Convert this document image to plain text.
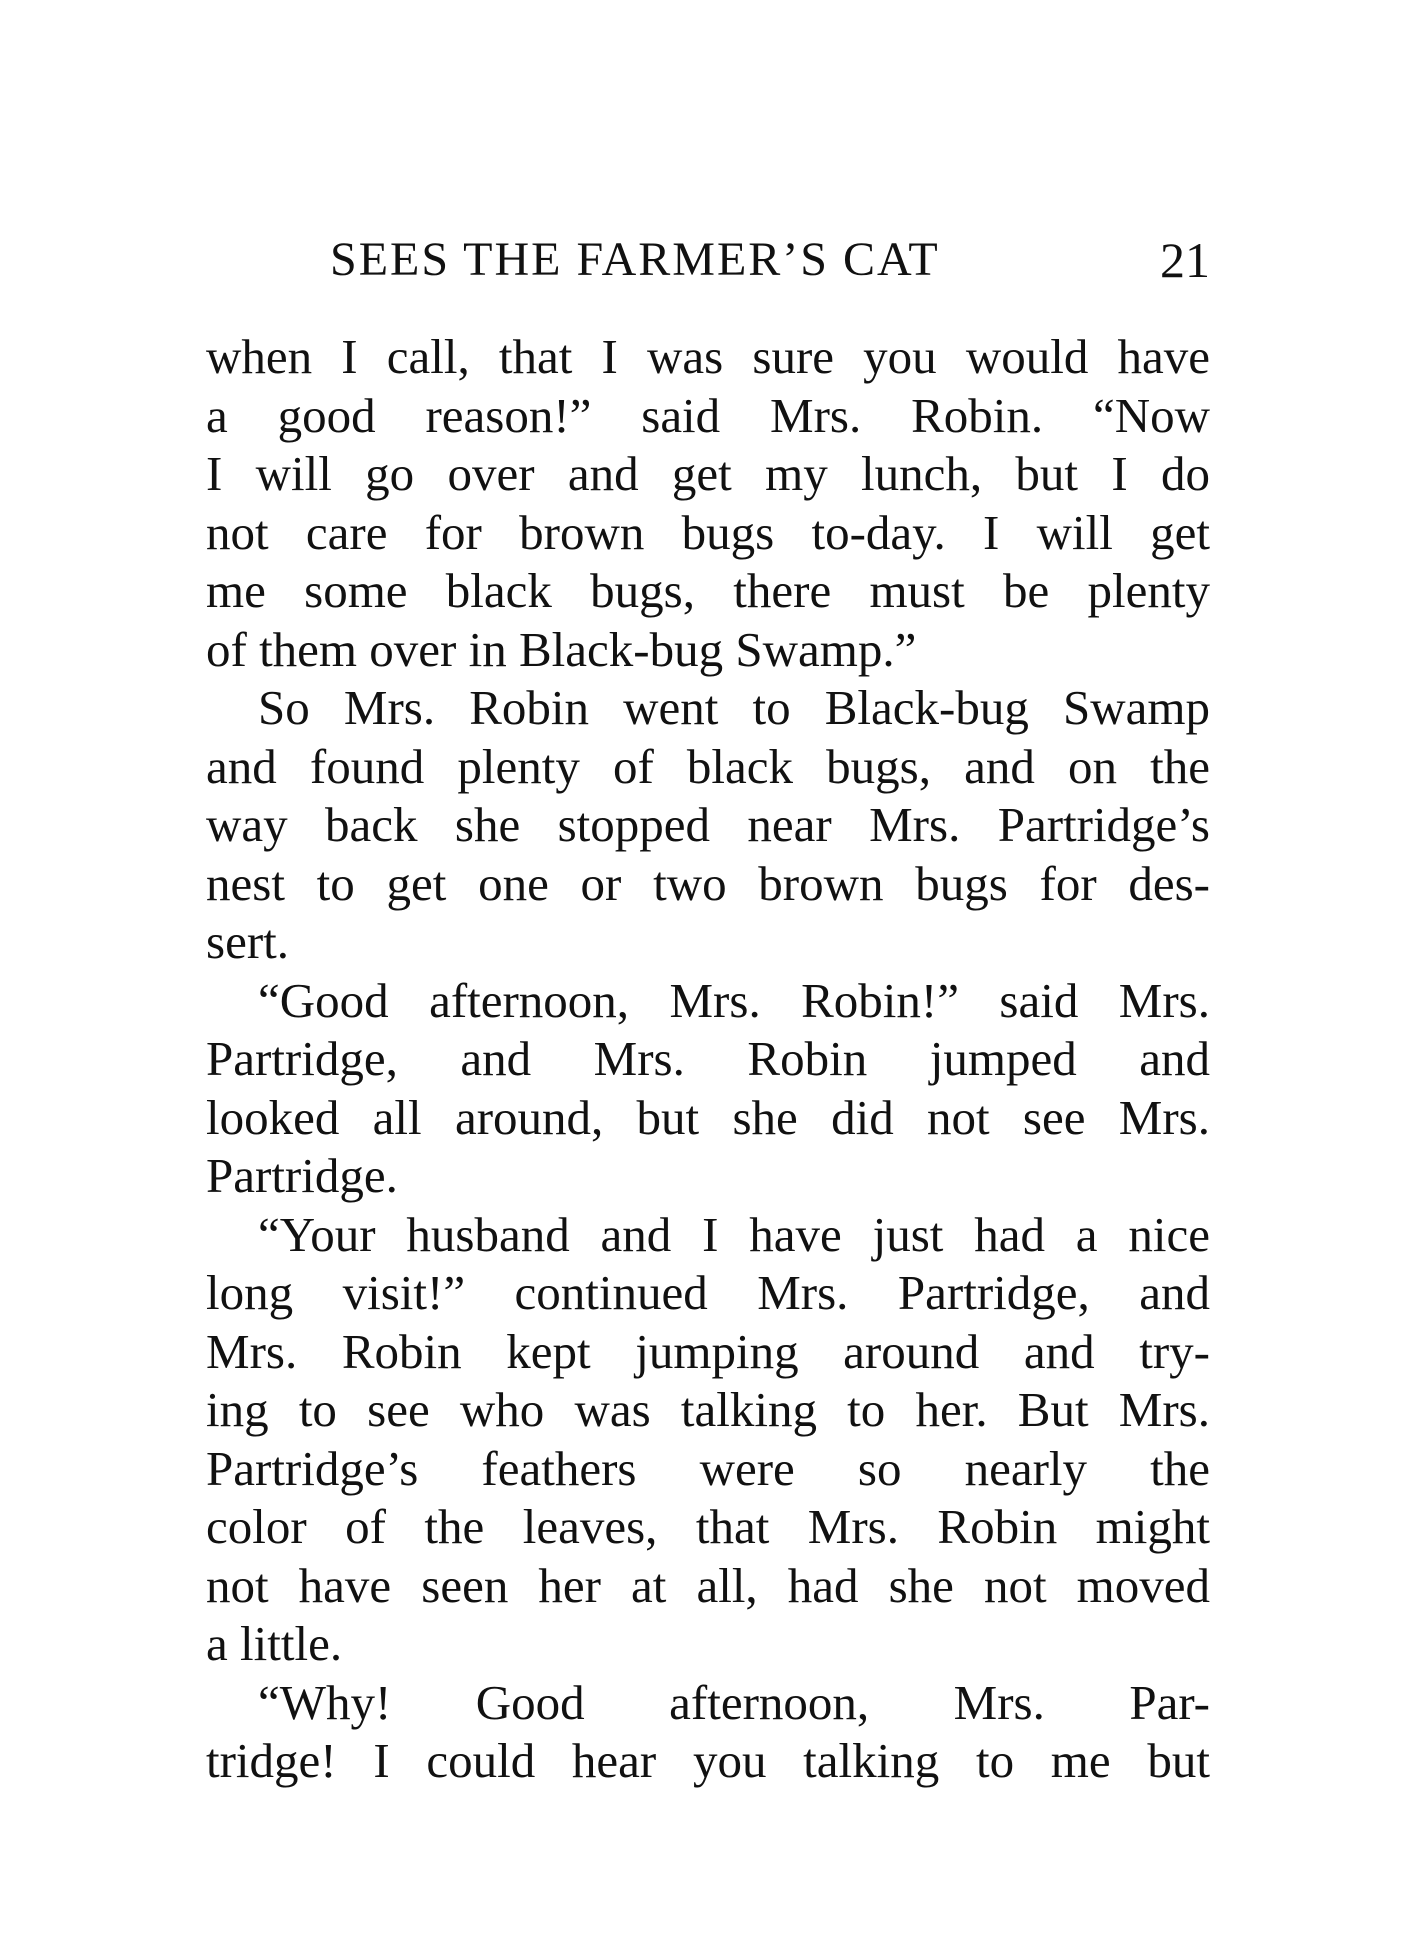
SEES THE FARMER’S CAT	21
when I call, that I was sure you would have
a good reason!” said Mrs. Robin. “Now
I will go over and get my lunch, but I do
not care for brown bugs to-day. I will get
me some black bugs, there must be plenty
of them over in Black-bug Swamp.”
So Mrs. Robin went to Black-bug Swamp
and found plenty of black bugs, and on the
way back she stopped near Mrs. Partridge’s
nest to get one or two brown bugs for des-
sert.
“Good afternoon, Mrs. Robin!” said Mrs.
Partridge, and Mrs. Robin jumped and
looked all around, but she did not see Mrs.
Partridge.
“Your husband and I have just had a nice
long visit!” continued Mrs. Partridge, and
Mrs. Robin kept jumping around and try-
ing to see who was talking to her. But Mrs.
Partridge’s feathers were so nearly the
color of the leaves, that Mrs. Robin might
not have seen her at all, had she not moved
a little.
“Why! Good afternoon, Mrs. Par-
tridge! I could hear you talking to me but
